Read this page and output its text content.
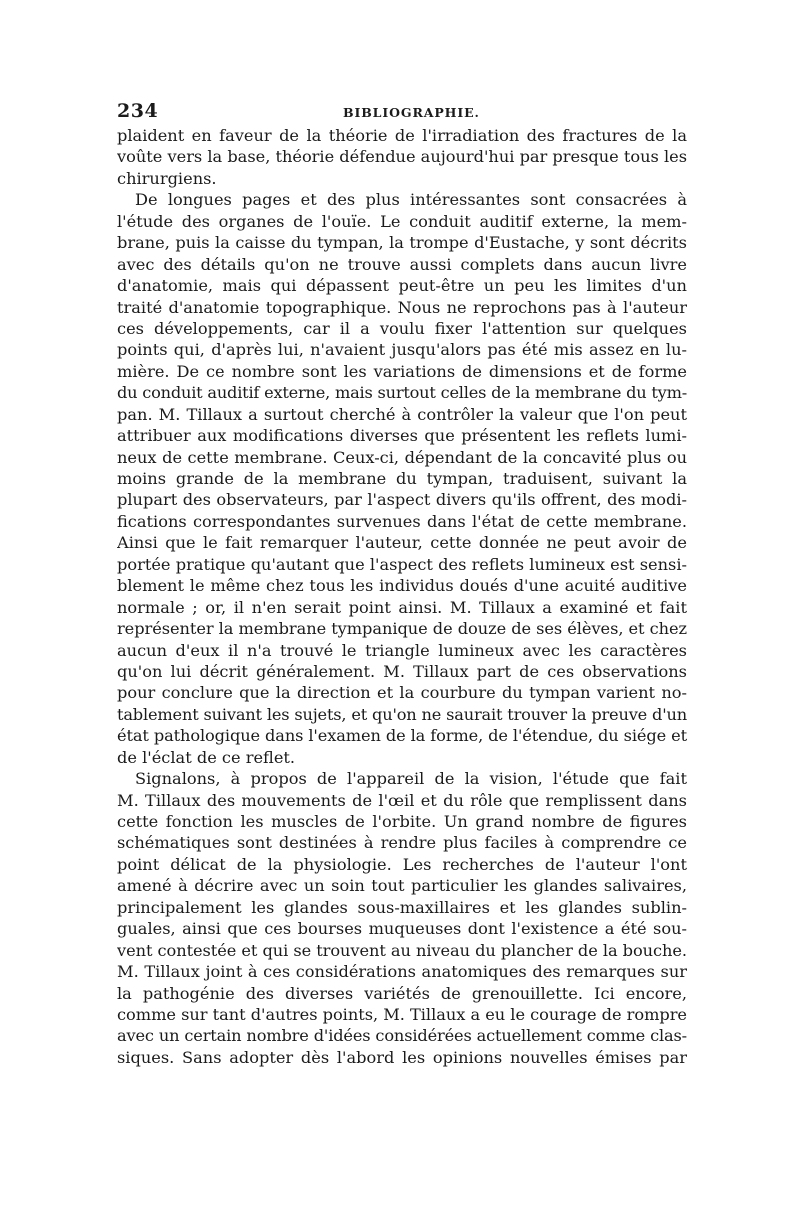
234	BIBLIOGRAPHIE.
plaident en faveur de la théorie de l'irradiation des fractures de la
voûte vers la base, théorie défendue aujourd'hui par presque tous les
chirurgiens.
De longues pages et des plus intéressantes sont consacrées à
l'étude des organes de l'ouïe. Le conduit auditif externe, la mem-
brane, puis la caisse du tympan, la trompe d'Eustache, y sont décrits
avec des détails qu'on ne trouve aussi complets dans aucun livre
d'anatomie, mais qui dépassent peut-être un peu les limites d'un
traité d'anatomie topographique. Nous ne reprochons pas à l'auteur
ces développements, car il a voulu fixer l'attention sur quelques
points qui, d'après lui, n'avaient jusqu'alors pas été mis assez en lu-
mière. De ce nombre sont les variations de dimensions et de forme
du conduit auditif externe, mais surtout celles de la membrane du tym-
pan. M. Tillaux a surtout cherché à contrôler la valeur que l'on peut
attribuer aux modifications diverses que présentent les reflets lumi-
neux de cette membrane. Ceux-ci, dépendant de la concavité plus ou
moins grande de la membrane du tympan, traduisent, suivant la
plupart des observateurs, par l'aspect divers qu'ils offrent, des modi-
fications correspondantes survenues dans l'état de cette membrane.
Ainsi que le fait remarquer l'auteur, cette donnée ne peut avoir de
portée pratique qu'autant que l'aspect des reflets lumineux est sensi-
blement le même chez tous les individus doués d'une acuité auditive
normale ; or, il n'en serait point ainsi. M. Tillaux a examiné et fait
représenter la membrane tympanique de douze de ses élèves, et chez
aucun d'eux il n'a trouvé le triangle lumineux avec les caractères
qu'on lui décrit généralement. M. Tillaux part de ces observations
pour conclure que la direction et la courbure du tympan varient no-
tablement suivant les sujets, et qu'on ne saurait trouver la preuve d'un
état pathologique dans l'examen de la forme, de l'étendue, du siége et
de l'éclat de ce reflet.
Signalons, à propos de l'appareil de la vision, l'étude que fait
M. Tillaux des mouvements de l'œil et du rôle que remplissent dans
cette fonction les muscles de l'orbite. Un grand nombre de figures
schématiques sont destinées à rendre plus faciles à comprendre ce
point délicat de la physiologie. Les recherches de l'auteur l'ont
amené à décrire avec un soin tout particulier les glandes salivaires,
principalement les glandes sous-maxillaires et les glandes sublin-
guales, ainsi que ces bourses muqueuses dont l'existence a été sou-
vent contestée et qui se trouvent au niveau du plancher de la bouche.
M. Tillaux joint à ces considérations anatomiques des remarques sur
la pathogénie des diverses variétés de grenouillette. Ici encore,
comme sur tant d'autres points, M. Tillaux a eu le courage de rompre
avec un certain nombre d'idées considérées actuellement comme clas-
siques. Sans adopter dès l'abord les opinions nouvelles émises par
